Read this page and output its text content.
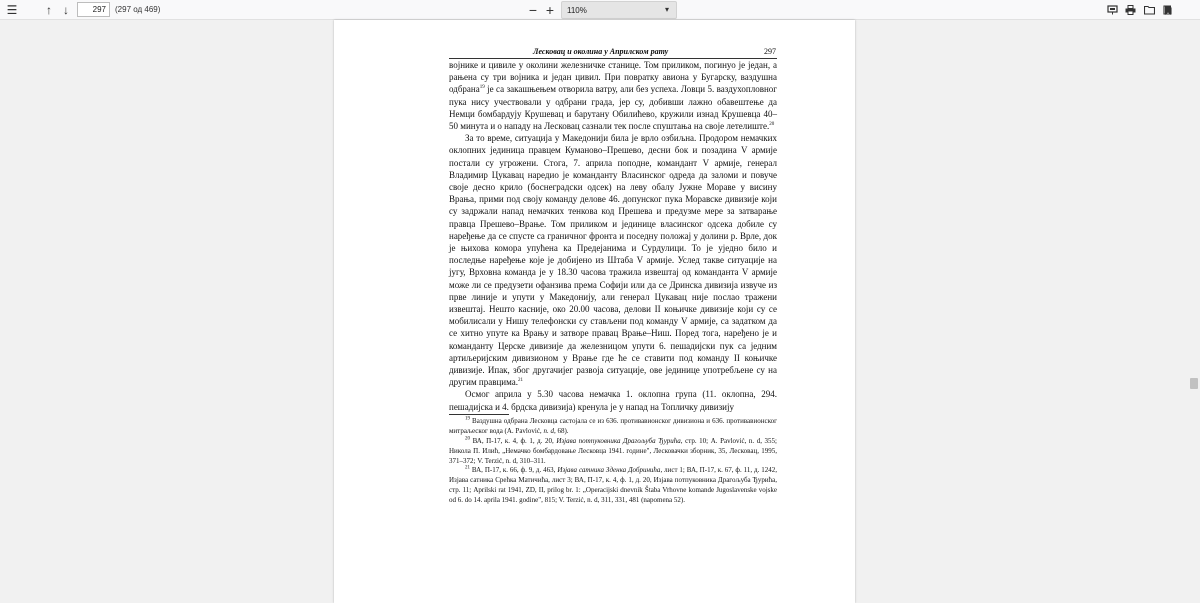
☰	↑ ↓
297	(297 од 469)	− +	110%	▾
Лесковац и околина у Априлском рату	297

војнике и цивиле у околини железничке станице. Том приликом, погинуо је један, а рањена су три војника и један цивил. При повратку авиона у Бугарску, ваздушна одбрана$^{19}$ је са закашњењем отворила ватру, али без успеха. Ловци 5. ваздухопловног пука нису учествовали у одбрани града, јер су, добивши лажно обавештење да Немци бомбардују Крушевац и барутану Обилићево, кружили изнад Крушевца 40–50 минута и о нападу на Лесковац сазнали тек после спуштања на своје летелиште.$^{20}$

За то време, ситуација у Македонији била је врло озбиљна. Продором немачких оклопних јединица правцем Куманово–Прешево, десни бок и позадина V армије постали су угрожени. Стога, 7. априла поподне, командант V армије, генерал Владимир Цукавац наредио је команданту Власинског одреда да заломи и повуче своје десно крило (боснеградски одсек) на леву обалу Јужне Мораве у висину Врања, прими под своју команду делове 46. допунског пука Моравске дивизије који су задржали напад немачких тенкова код Прешева и предузме мере за затварање правца Прешево–Врање. Том приликом и јединице власинског одсека добиле су наређење да се спусте са граничног фронта и поседну положај у долини р. Врле, док је њихова комора упућена ка Предејанима и Сурдулици. То је уједно било и последње наређење које је добијено из Штаба V армије. Услед такве ситуације на југу, Врховна команда је у 18.30 часова тражила извештај од команданта V армије може ли се предузети офанзива према Софији или да се Дринска дивизија извуче из прве линије и упути у Македонију, али генерал Цукавац није послао тражени извештај. Нешто касније, око 20.00 часова, делови II коњичке дивизије који су се мобилисали у Нишу телефонски су стављени под команду V армије, са задатком да се хитно упуте ка Врању и затворе правац Врање–Ниш. Поред тога, наређено је и команданту Церске дивизије да железницом упути 6. пешадијски пук са једним артиљеријским дивизионом у Врање где ће се ставити под команду II коњичке дивизије. Ипак, због другачијег развоја ситуације, ове јединице употребљене су на другим правцима.$^{21}$

Осмог априла у 5.30 часова немачка 1. оклопна група (11. оклопна, 294. пешадијска и 4. брдска дивизија) кренула је у напад на Топличку дивизију

$^{19}$ Ваздушна одбрана Лесковца састојала се из 636. противавионског дивизиона и 636. противавионског митраљеског вода (A. Pavlović, n. d, 68).

$^{20}$ ВА, П-17, к. 4, ф. 1, д. 20, Изјава потпуковника Драгољуба Ђурића, стр. 10; A. Pavlović, n. d, 355; Никола П. Илић, „Немачко бомбардовање Лесковца 1941. године", Лесковачки зборник, 35, Лесковац, 1995, 371–372; V. Terzić, n. d, 310–311.

$^{21}$ ВА, П-17, к. 66, ф. 9, д. 463, Изјава сатника Здeнка Добринића, лист 1; ВА, П-17, к. 67, ф. 11, д. 1242, Изјава сатника Срећка Матичића, лист 3; ВА, П-17, к. 4, ф. 1, д. 20, Изјава потпуковника Драгољуба Ђурића, стр. 11; Aprilski rat 1941, ZD, II, prilog br. 1: „Operacijski dnevnik Štaba Vrhovne komande Jugoslavenske vojske od 6. do 14. aprila 1941. godine", 815; V. Terzić, n. d, 311, 331, 481 (napomena 52).
